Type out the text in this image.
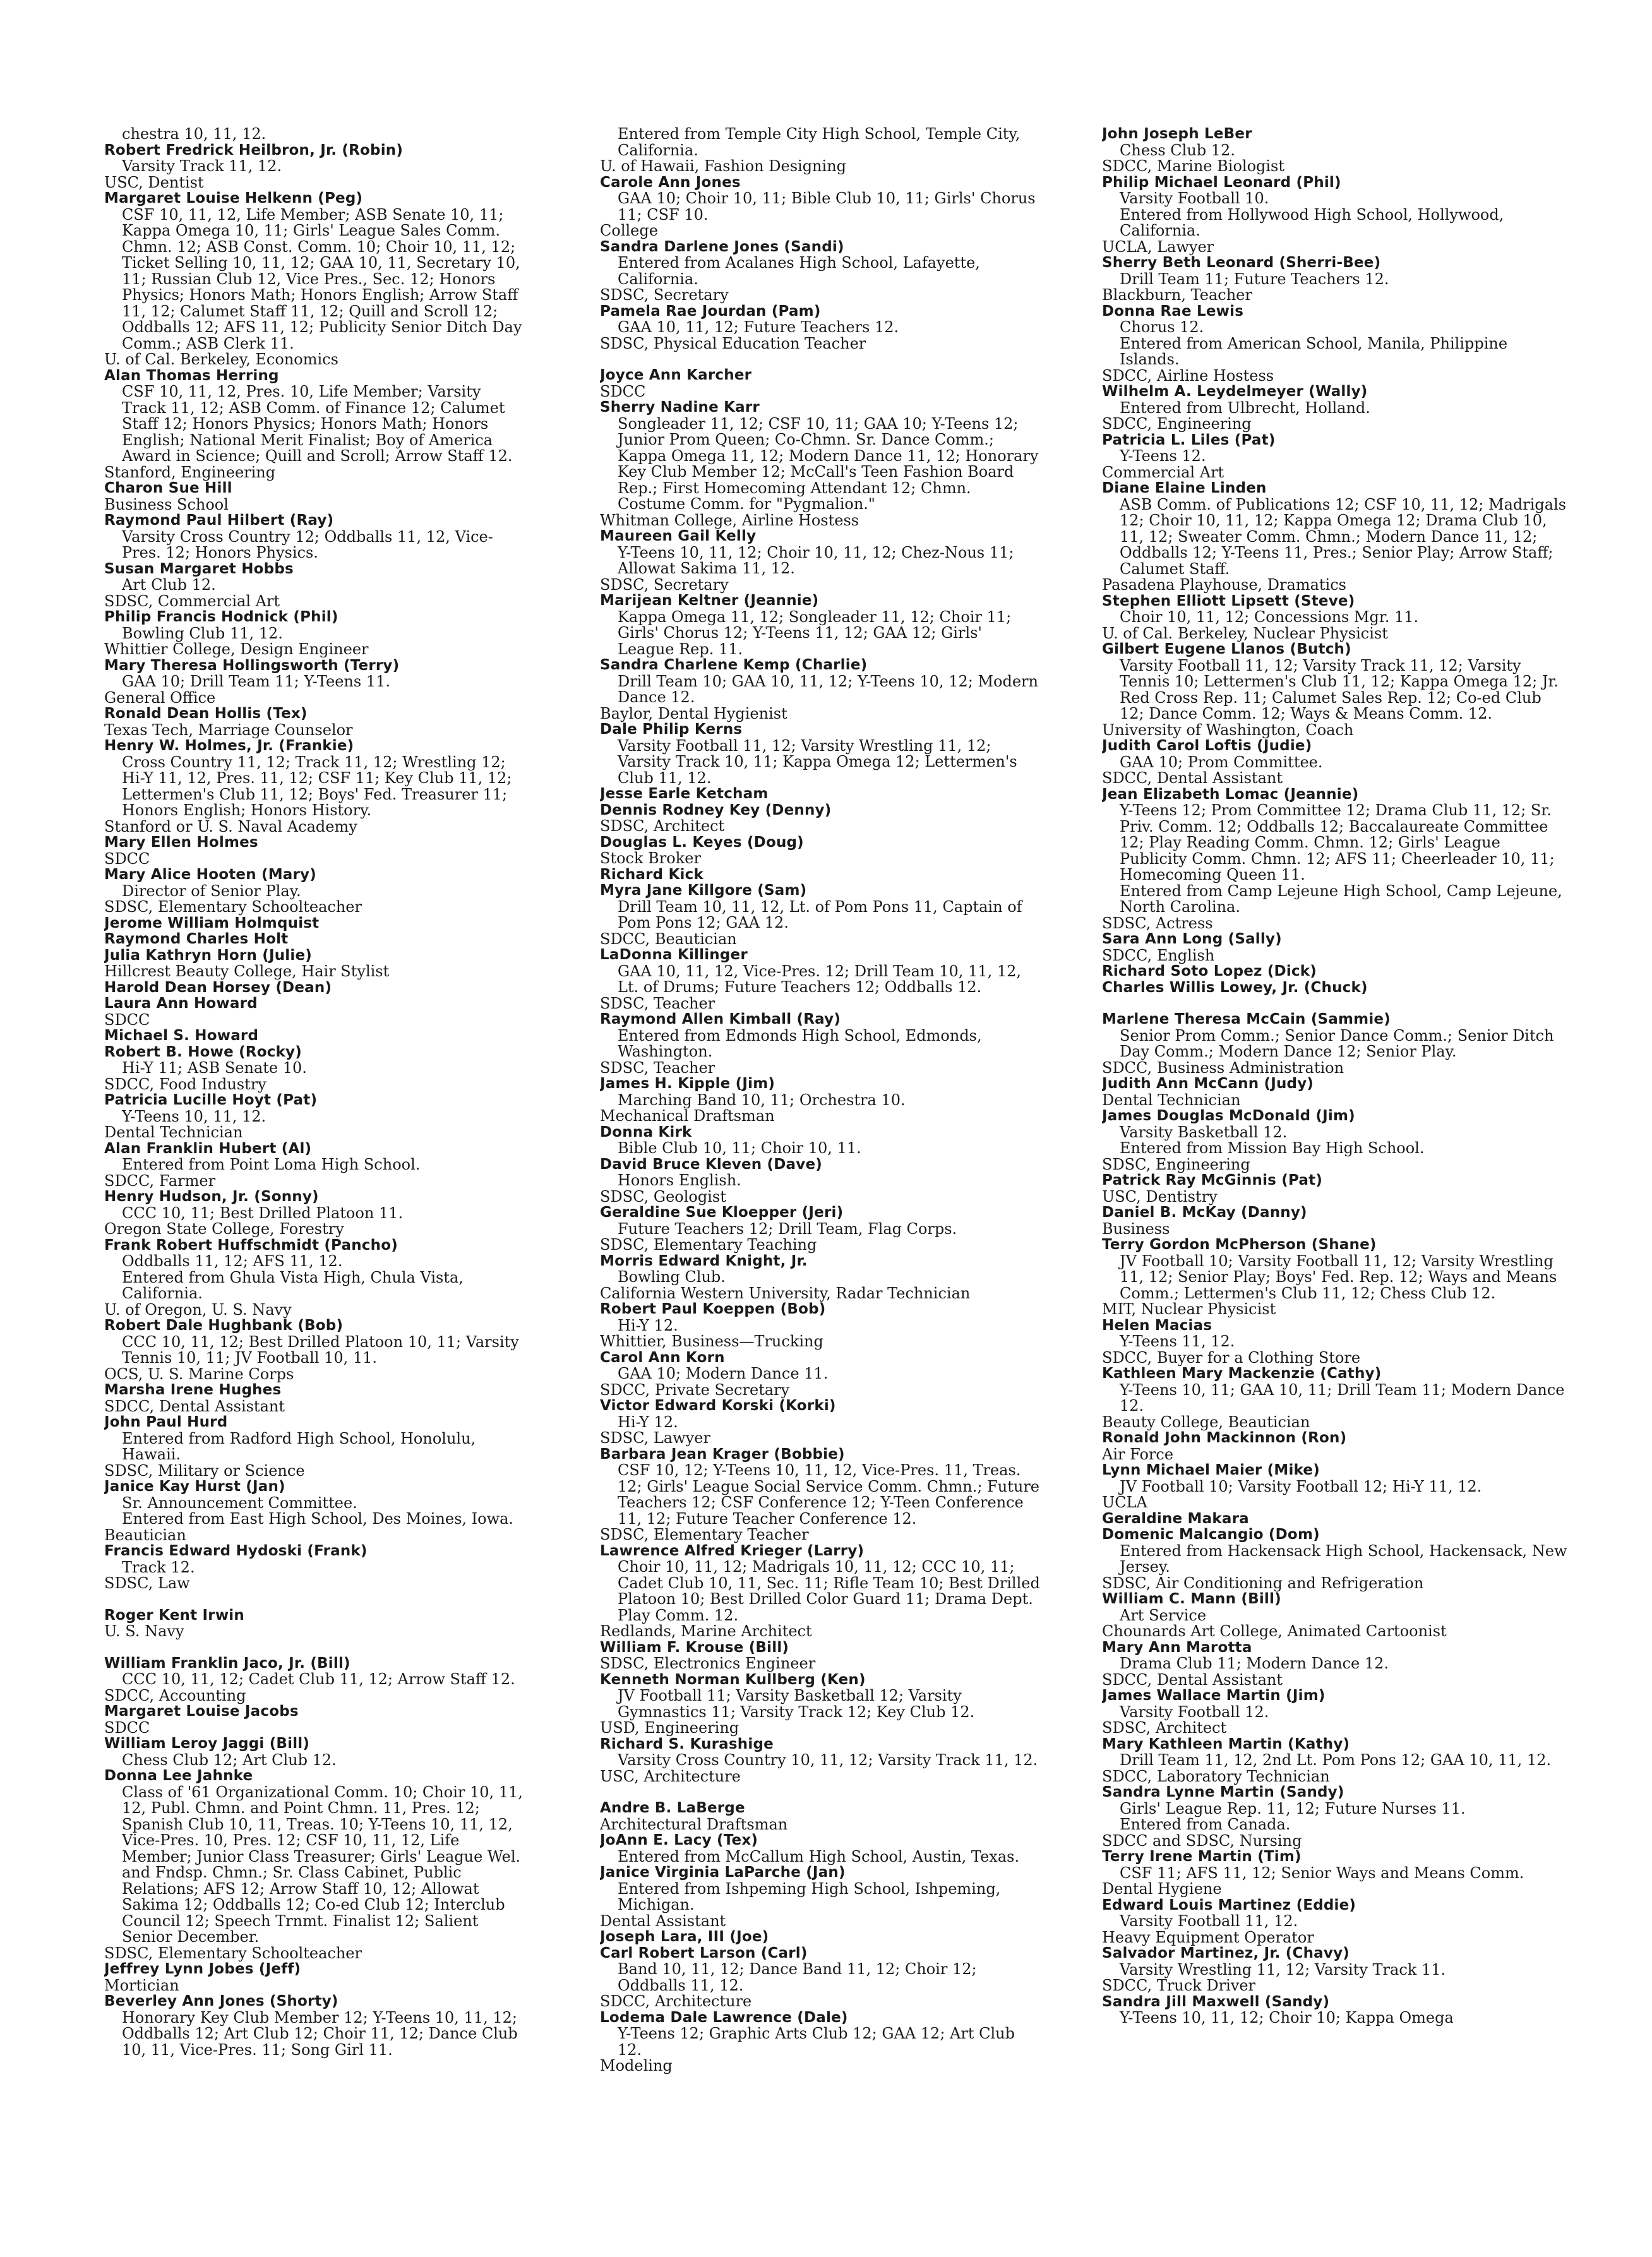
chestra 10, 11, 12.
Robert Fredrick Heilbron, Jr. (Robin)
Varsity Track 11, 12.
USC, Dentist
Margaret Louise Helkenn (Peg)
CSF 10, 11, 12, Life Member; ASB Senate 10, 11; Kappa Omega 10, 11; Girls' League Sales Comm. Chmn. 12; ASB Const. Comm. 10; Choir 10, 11, 12; Ticket Selling 10, 11, 12; GAA 10, 11, Secretary 10, 11; Russian Club 12, Vice Pres., Sec. 12; Honors Physics; Honors Math; Honors English; Arrow Staff 11, 12; Calumet Staff 11, 12; Quill and Scroll 12; Oddballs 12; AFS 11, 12; Publicity Senior Ditch Day Comm.; ASB Clerk 11.
U. of Cal. Berkeley, Economics
Alan Thomas Herring
CSF 10, 11, 12, Pres. 10, Life Member; Varsity Track 11, 12; ASB Comm. of Finance 12; Calumet Staff 12; Honors Physics; Honors Math; Honors English; National Merit Finalist; Boy of America Award in Science; Quill and Scroll; Arrow Staff 12.
Stanford, Engineering
Charon Sue Hill
Business School
Raymond Paul Hilbert (Ray)
Varsity Cross Country 12; Oddballs 11, 12, Vice-Pres. 12; Honors Physics.
Susan Margaret Hobbs
Art Club 12.
SDSC, Commercial Art
Philip Francis Hodnick (Phil)
Bowling Club 11, 12.
Whittier College, Design Engineer
Mary Theresa Hollingsworth (Terry)
GAA 10; Drill Team 11; Y-Teens 11.
General Office
Ronald Dean Hollis (Tex)
Texas Tech, Marriage Counselor
Henry W. Holmes, Jr. (Frankie)
Cross Country 11, 12; Track 11, 12; Wrestling 12; Hi-Y 11, 12, Pres. 11, 12; CSF 11; Key Club 11, 12; Lettermen's Club 11, 12; Boys' Fed. Treasurer 11; Honors English; Honors History.
Stanford or U. S. Naval Academy
Mary Ellen Holmes
SDCC
Mary Alice Hooten (Mary)
Director of Senior Play.
SDSC, Elementary Schoolteacher
Jerome William Holmquist
Raymond Charles Holt
Julia Kathryn Horn (Julie)
Hillcrest Beauty College, Hair Stylist
Harold Dean Horsey (Dean)
Laura Ann Howard
SDCC
Michael S. Howard
Robert B. Howe (Rocky)
Hi-Y 11; ASB Senate 10.
SDCC, Food Industry
Patricia Lucille Hoyt (Pat)
Y-Teens 10, 11, 12.
Dental Technician
Alan Franklin Hubert (Al)
Entered from Point Loma High School.
SDCC, Farmer
Henry Hudson, Jr. (Sonny)
CCC 10, 11; Best Drilled Platoon 11.
Oregon State College, Forestry
Frank Robert Huffschmidt (Pancho)
Oddballs 11, 12; AFS 11, 12.
Entered from Ghula Vista High, Chula Vista, California.
U. of Oregon, U. S. Navy
Robert Dale Hughbank (Bob)
CCC 10, 11, 12; Best Drilled Platoon 10, 11; Varsity Tennis 10, 11; JV Football 10, 11.
OCS, U. S. Marine Corps
Marsha Irene Hughes
SDCC, Dental Assistant
John Paul Hurd
Entered from Radford High School, Honolulu, Hawaii.
SDSC, Military or Science
Janice Kay Hurst (Jan)
Sr. Announcement Committee.
Entered from East High School, Des Moines, Iowa.
Beautician
Francis Edward Hydoski (Frank)
Track 12.
SDSC, Law
Roger Kent Irwin
U. S. Navy
William Franklin Jaco, Jr. (Bill)
CCC 10, 11, 12; Cadet Club 11, 12; Arrow Staff 12.
SDCC, Accounting
Margaret Louise Jacobs
SDCC
William Leroy Jaggi (Bill)
Chess Club 12; Art Club 12.
Donna Lee Jahnke
Class of '61 Organizational Comm. 10; Choir 10, 11, 12, Publ. Chmn. and Point Chmn. 11, Pres. 12; Spanish Club 10, 11, Treas. 10; Y-Teens 10, 11, 12, Vice-Pres. 10, Pres. 12; CSF 10, 11, 12, Life Member; Junior Class Treasurer; Girls' League Wel. and Fndsp. Chmn.; Sr. Class Cabinet, Public Relations; AFS 12; Arrow Staff 10, 12; Allowat Sakima 12; Oddballs 12; Co-ed Club 12; Interclub Council 12; Speech Trnmt. Finalist 12; Salient Senior December.
SDSC, Elementary Schoolteacher
Jeffrey Lynn Jobes (Jeff)
Mortician
Beverley Ann Jones (Shorty)
Honorary Key Club Member 12; Y-Teens 10, 11, 12; Oddballs 12; Art Club 12; Choir 11, 12; Dance Club 10, 11, Vice-Pres. 11; Song Girl 11.
Entered from Temple City High School, Temple City, California.
U. of Hawaii, Fashion Designing
Carole Ann Jones
GAA 10; Choir 10, 11; Bible Club 10, 11; Girls' Chorus 11; CSF 10.
College
Sandra Darlene Jones (Sandi)
Entered from Acalanes High School, Lafayette, California.
SDSC, Secretary
Pamela Rae Jourdan (Pam)
GAA 10, 11, 12; Future Teachers 12.
SDSC, Physical Education Teacher
Joyce Ann Karcher
SDCC
Sherry Nadine Karr
Songleader 11, 12; CSF 10, 11; GAA 10; Y-Teens 12; Junior Prom Queen; Co-Chmn. Sr. Dance Comm.; Kappa Omega 11, 12; Modern Dance 11, 12; Honorary Key Club Member 12; McCall's Teen Fashion Board Rep.; First Homecoming Attendant 12; Chmn. Costume Comm. for "Pygmalion."
Whitman College, Airline Hostess
Maureen Gail Kelly
Y-Teens 10, 11, 12; Choir 10, 11, 12; Chez-Nous 11; Allowat Sakima 11, 12.
SDSC, Secretary
Marijean Keltner (Jeannie)
Kappa Omega 11, 12; Songleader 11, 12; Choir 11; Girls' Chorus 12; Y-Teens 11, 12; GAA 12; Girls' League Rep. 11.
Sandra Charlene Kemp (Charlie)
Drill Team 10; GAA 10, 11, 12; Y-Teens 10, 12; Modern Dance 12.
Baylor, Dental Hygienist
Dale Philip Kerns
Varsity Football 11, 12; Varsity Wrestling 11, 12; Varsity Track 10, 11; Kappa Omega 12; Lettermen's Club 11, 12.
Jesse Earle Ketcham
Dennis Rodney Key (Denny)
SDSC, Architect
Douglas L. Keyes (Doug)
Stock Broker
Richard Kick
Myra Jane Killgore (Sam)
Drill Team 10, 11, 12, Lt. of Pom Pons 11, Captain of Pom Pons 12; GAA 12.
SDCC, Beautician
LaDonna Killinger
GAA 10, 11, 12, Vice-Pres. 12; Drill Team 10, 11, 12, Lt. of Drums; Future Teachers 12; Oddballs 12.
SDSC, Teacher
Raymond Allen Kimball (Ray)
Entered from Edmonds High School, Edmonds, Washington.
SDSC, Teacher
James H. Kipple (Jim)
Marching Band 10, 11; Orchestra 10.
Mechanical Draftsman
Donna Kirk
Bible Club 10, 11; Choir 10, 11.
David Bruce Kleven (Dave)
Honors English.
SDSC, Geologist
Geraldine Sue Kloepper (Jeri)
Future Teachers 12; Drill Team, Flag Corps.
SDSC, Elementary Teaching
Morris Edward Knight, Jr.
Bowling Club.
California Western University, Radar Technician
Robert Paul Koeppen (Bob)
Hi-Y 12.
Whittier, Business—Trucking
Carol Ann Korn
GAA 10; Modern Dance 11.
SDCC, Private Secretary
Victor Edward Korski (Korki)
Hi-Y 12.
SDSC, Lawyer
Barbara Jean Krager (Bobbie)
CSF 10, 12; Y-Teens 10, 11, 12, Vice-Pres. 11, Treas. 12; Girls' League Social Service Comm. Chmn.; Future Teachers 12; CSF Conference 12; Y-Teen Conference 11, 12; Future Teacher Conference 12.
SDSC, Elementary Teacher
Lawrence Alfred Krieger (Larry)
Choir 10, 11, 12; Madrigals 10, 11, 12; CCC 10, 11; Cadet Club 10, 11, Sec. 11; Rifle Team 10; Best Drilled Platoon 10; Best Drilled Color Guard 11; Drama Dept. Play Comm. 12.
Redlands, Marine Architect
William F. Krouse (Bill)
SDSC, Electronics Engineer
Kenneth Norman Kullberg (Ken)
JV Football 11; Varsity Basketball 12; Varsity Gymnastics 11; Varsity Track 12; Key Club 12.
USD, Engineering
Richard S. Kurashige
Varsity Cross Country 10, 11, 12; Varsity Track 11, 12.
USC, Architecture
Andre B. LaBerge
Architectural Draftsman
JoAnn E. Lacy (Tex)
Entered from McCallum High School, Austin, Texas.
Janice Virginia LaParche (Jan)
Entered from Ishpeming High School, Ishpeming, Michigan.
Dental Assistant
Joseph Lara, III (Joe)
Carl Robert Larson (Carl)
Band 10, 11, 12; Dance Band 11, 12; Choir 12; Oddballs 11, 12.
SDCC, Architecture
Lodema Dale Lawrence (Dale)
Y-Teens 12; Graphic Arts Club 12; GAA 12; Art Club 12.
Modeling
John Joseph LeBer
Chess Club 12.
SDCC, Marine Biologist
Philip Michael Leonard (Phil)
Varsity Football 10.
Entered from Hollywood High School, Hollywood, California.
UCLA, Lawyer
Sherry Beth Leonard (Sherri-Bee)
Drill Team 11; Future Teachers 12.
Blackburn, Teacher
Donna Rae Lewis
Chorus 12.
Entered from American School, Manila, Philippine Islands.
SDCC, Airline Hostess
Wilhelm A. Leydelmeyer (Wally)
Entered from Ulbrecht, Holland.
SDCC, Engineering
Patricia L. Liles (Pat)
Y-Teens 12.
Commercial Art
Diane Elaine Linden
ASB Comm. of Publications 12; CSF 10, 11, 12; Madrigals 12; Choir 10, 11, 12; Kappa Omega 12; Drama Club 10, 11, 12; Sweater Comm. Chmn.; Modern Dance 11, 12; Oddballs 12; Y-Teens 11, Pres.; Senior Play; Arrow Staff; Calumet Staff.
Pasadena Playhouse, Dramatics
Stephen Elliott Lipsett (Steve)
Choir 10, 11, 12; Concessions Mgr. 11.
U. of Cal. Berkeley, Nuclear Physicist
Gilbert Eugene Llanos (Butch)
Varsity Football 11, 12; Varsity Track 11, 12; Varsity Tennis 10; Lettermen's Club 11, 12; Kappa Omega 12; Jr. Red Cross Rep. 11; Calumet Sales Rep. 12; Co-ed Club 12; Dance Comm. 12; Ways & Means Comm. 12.
University of Washington, Coach
Judith Carol Loftis (Judie)
GAA 10; Prom Committee.
SDCC, Dental Assistant
Jean Elizabeth Lomac (Jeannie)
Y-Teens 12; Prom Committee 12; Drama Club 11, 12; Sr. Priv. Comm. 12; Oddballs 12; Baccalaureate Committee 12; Play Reading Comm. Chmn. 12; Girls' League Publicity Comm. Chmn. 12; AFS 11; Cheerleader 10, 11; Homecoming Queen 11.
Entered from Camp Lejeune High School, Camp Lejeune, North Carolina.
SDSC, Actress
Sara Ann Long (Sally)
SDCC, English
Richard Soto Lopez (Dick)
Charles Willis Lowey, Jr. (Chuck)
Marlene Theresa McCain (Sammie)
Senior Prom Comm.; Senior Dance Comm.; Senior Ditch Day Comm.; Modern Dance 12; Senior Play.
SDCC, Business Administration
Judith Ann McCann (Judy)
Dental Technician
James Douglas McDonald (Jim)
Varsity Basketball 12.
Entered from Mission Bay High School.
SDSC, Engineering
Patrick Ray McGinnis (Pat)
USC, Dentistry
Daniel B. McKay (Danny)
Business
Terry Gordon McPherson (Shane)
JV Football 10; Varsity Football 11, 12; Varsity Wrestling 11, 12; Senior Play; Boys' Fed. Rep. 12; Ways and Means Comm.; Lettermen's Club 11, 12; Chess Club 12.
MIT, Nuclear Physicist
Helen Macias
Y-Teens 11, 12.
SDCC, Buyer for a Clothing Store
Kathleen Mary Mackenzie (Cathy)
Y-Teens 10, 11; GAA 10, 11; Drill Team 11; Modern Dance 12.
Beauty College, Beautician
Ronald John Mackinnon (Ron)
Air Force
Lynn Michael Maier (Mike)
JV Football 10; Varsity Football 12; Hi-Y 11, 12.
UCLA
Geraldine Makara
Domenic Malcangio (Dom)
Entered from Hackensack High School, Hackensack, New Jersey.
SDSC, Air Conditioning and Refrigeration
William C. Mann (Bill)
Art Service
Chounards Art College, Animated Cartoonist
Mary Ann Marotta
Drama Club 11; Modern Dance 12.
SDCC, Dental Assistant
James Wallace Martin (Jim)
Varsity Football 12.
SDSC, Architect
Mary Kathleen Martin (Kathy)
Drill Team 11, 12, 2nd Lt. Pom Pons 12; GAA 10, 11, 12.
SDCC, Laboratory Technician
Sandra Lynne Martin (Sandy)
Girls' League Rep. 11, 12; Future Nurses 11.
Entered from Canada.
SDCC and SDSC, Nursing
Terry Irene Martin (Tim)
CSF 11; AFS 11, 12; Senior Ways and Means Comm.
Dental Hygiene
Edward Louis Martinez (Eddie)
Varsity Football 11, 12.
Heavy Equipment Operator
Salvador Martinez, Jr. (Chavy)
Varsity Wrestling 11, 12; Varsity Track 11.
SDCC, Truck Driver
Sandra Jill Maxwell (Sandy)
Y-Teens 10, 11, 12; Choir 10; Kappa Omega
